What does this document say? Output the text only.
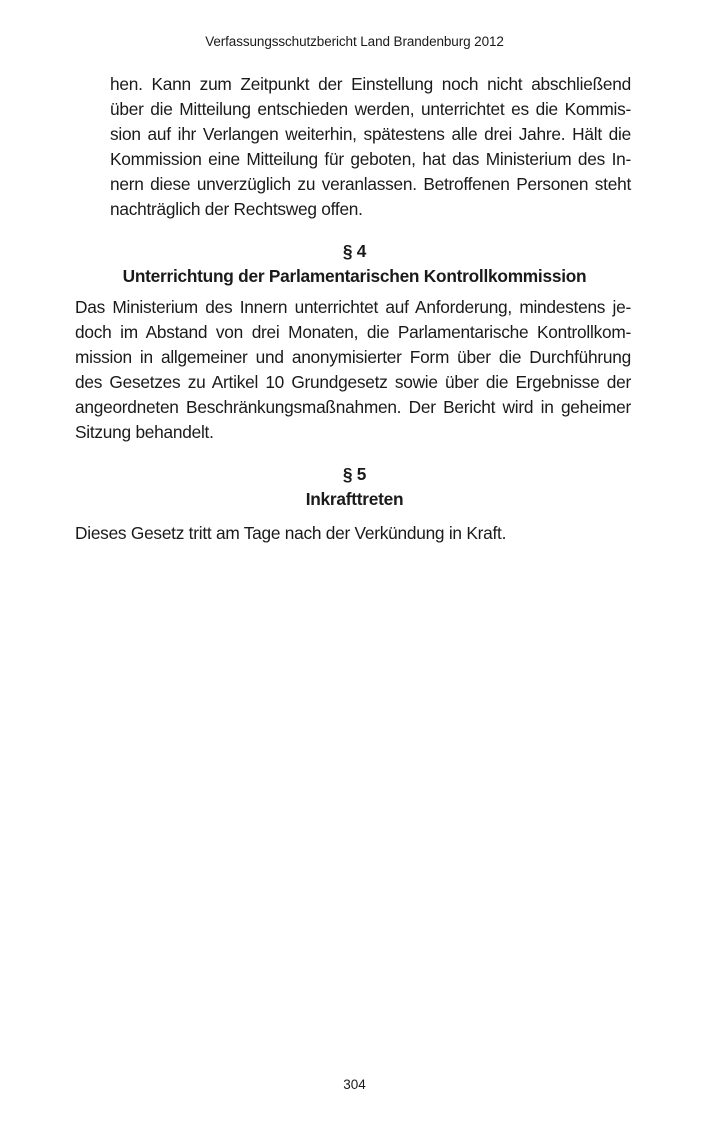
Verfassungsschutzbericht Land Brandenburg 2012
hen. Kann zum Zeitpunkt der Einstellung noch nicht abschließend
über die Mitteilung entschieden werden, unterrichtet es die Kommis-
sion auf ihr Verlangen weiterhin, spätestens alle drei Jahre. Hält die
Kommission eine Mitteilung für geboten, hat das Ministerium des In-
nern diese unverzüglich zu veranlassen. Betroffenen Personen steht
nachträglich der Rechtsweg offen.
§ 4
Unterrichtung der Parlamentarischen Kontrollkommission
Das Ministerium des Innern unterrichtet auf Anforderung, mindestens je-
doch im Abstand von drei Monaten, die Parlamentarische Kontrollkom-
mission in allgemeiner und anonymisierter Form über die Durchführung
des Gesetzes zu Artikel 10 Grundgesetz sowie über die Ergebnisse der
angeordneten Beschränkungsmaßnahmen. Der Bericht wird in geheimer
Sitzung behandelt.
§ 5
Inkrafttreten
Dieses Gesetz tritt am Tage nach der Verkündung in Kraft.
304
